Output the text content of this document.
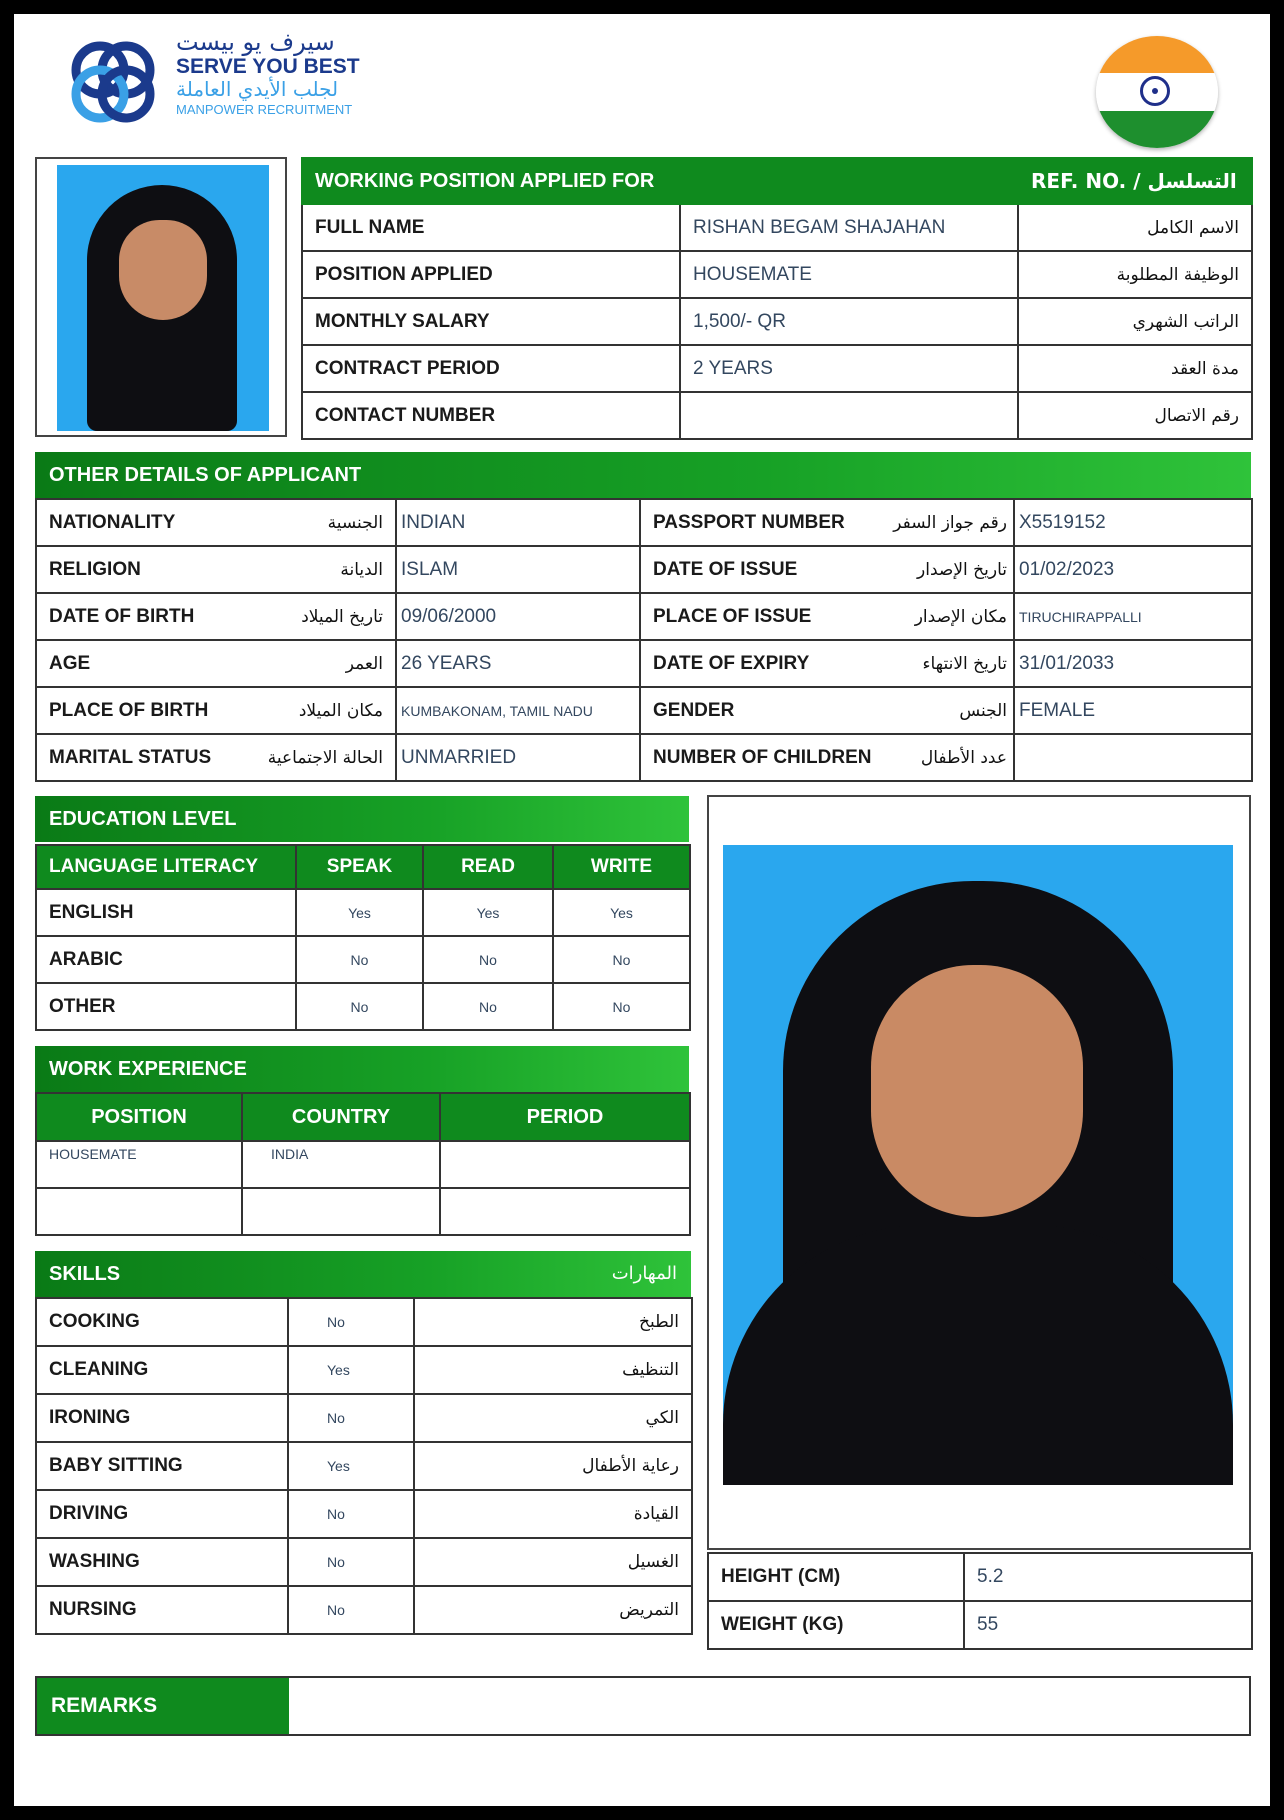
سيرف يو بيست
SERVE YOU BEST
لجلب الأيدي العاملة
MANPOWER RECRUITMENT
WORKING POSITION APPLIED FOR		REF. NO. / التسلسل
FULL NAME	RISHAN BEGAM SHAJAHAN	الاسم الكامل
POSITION APPLIED	HOUSEMATE	الوظيفة المطلوبة
MONTHLY SALARY	1,500/- QR	الراتب الشهري
CONTRACT PERIOD	2 YEARS	مدة العقد
CONTACT NUMBER		رقم الاتصال
OTHER DETAILS OF APPLICANT
NATIONALITY	الجنسية	INDIAN	PASSPORT NUMBER	رقم جواز السفر	X5519152
RELIGION	الديانة	ISLAM	DATE OF ISSUE	تاريخ الإصدار	01/02/2023
DATE OF BIRTH	تاريخ الميلاد	09/06/2000	PLACE OF ISSUE	مكان الإصدار	TIRUCHIRAPPALLI
AGE	العمر	26 YEARS	DATE OF EXPIRY	تاريخ الانتهاء	31/01/2033
PLACE OF BIRTH	مكان الميلاد	KUMBAKONAM, TAMIL NADU	GENDER	الجنس	FEMALE
MARITAL STATUS	الحالة الاجتماعية	UNMARRIED	NUMBER OF CHILDREN	عدد الأطفال	
EDUCATION LEVEL
LANGUAGE LITERACY	SPEAK	READ	WRITE
ENGLISH	Yes	Yes	Yes
ARABIC	No	No	No
OTHER	No	No	No
WORK EXPERIENCE
POSITION	COUNTRY	PERIOD
HOUSEMATE	INDIA	

SKILLS	المهارات
COOKING	No	الطبخ
CLEANING	Yes	التنظيف
IRONING	No	الكي
BABY SITTING	Yes	رعاية الأطفال
DRIVING	No	القيادة
WASHING	No	الغسيل
NURSING	No	التمريض
HEIGHT (CM)	5.2
WEIGHT (KG)	55
REMARKS
